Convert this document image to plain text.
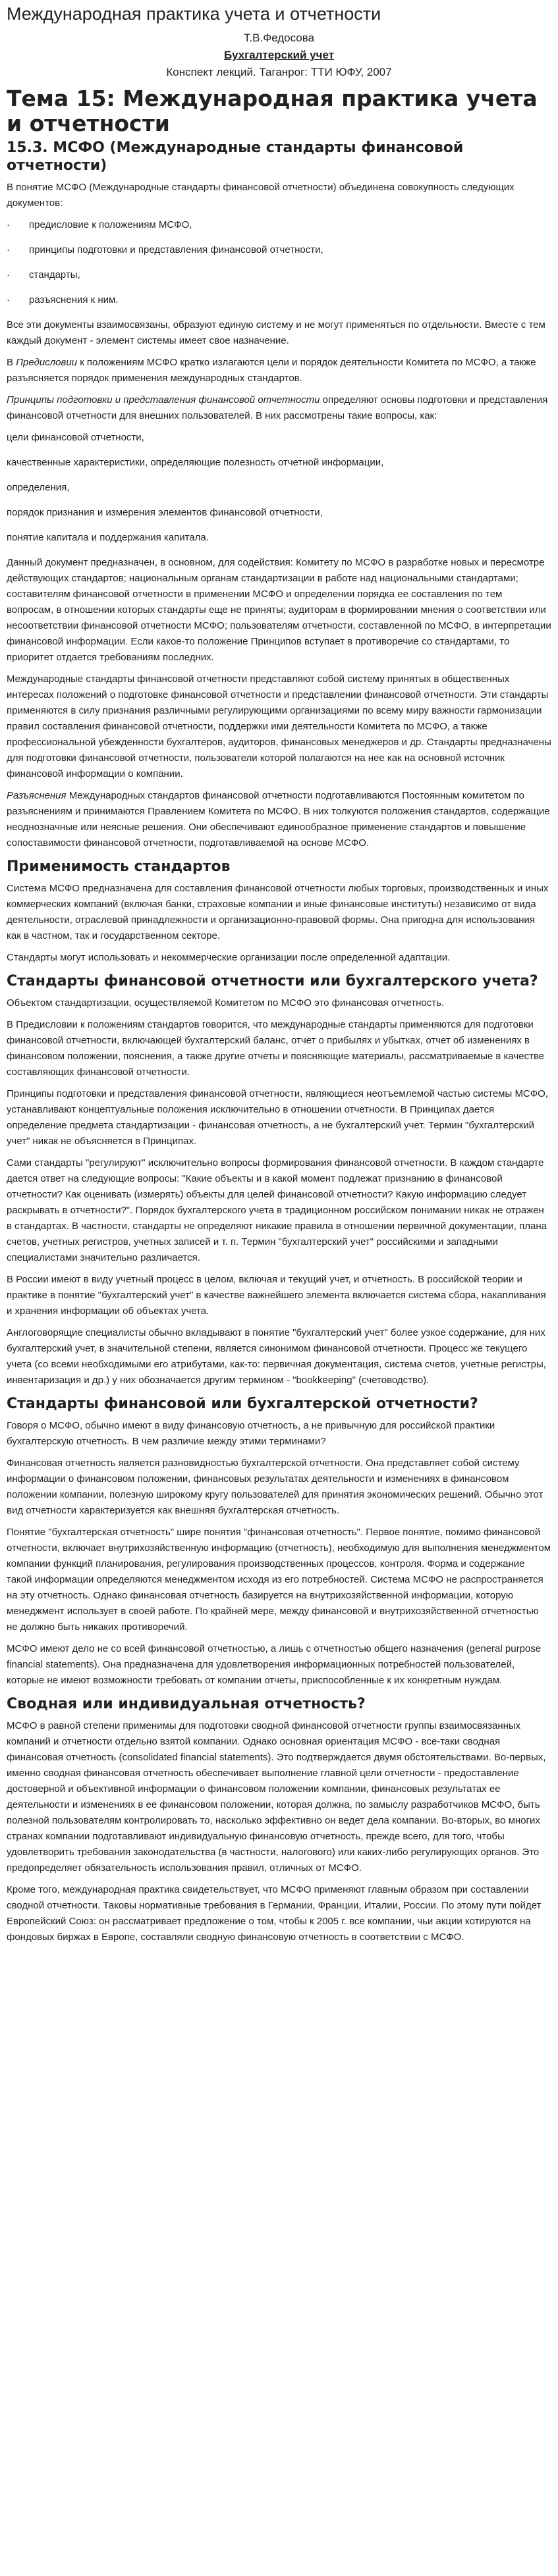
Международная практика учета и отчетности
Т.В.Федосова
Бухгалтерский учет
Конспект лекций. Таганрог: ТТИ ЮФУ, 2007
Тема 15: Международная практика учета и отчетности
15.3. МСФО (Международные стандарты финансовой отчетности)

В понятие МСФО (Международные стандарты финансовой отчетности) объединена совокупность следующих документов:

·	предисловие к положениям МСФО,
·	принципы подготовки и представления финансовой отчетности,
·	стандарты,
·	разъяснения к ним.

Все эти документы взаимосвязаны, образуют единую систему и не могут применяться по отдельности. Вместе с тем каждый документ - элемент системы имеет свое назначение.

В Предисловии к положениям МСФО кратко излагаются цели и порядок деятельности Комитета по МСФО, а также разъясняется порядок применения международных стандартов.

Принципы подготовки и представления финансовой отчетности определяют основы подготовки и представления финансовой отчетности для внешних пользователей. В них рассмотрены такие вопросы, как:

цели финансовой отчетности,

качественные характеристики, определяющие полезность отчетной информации,

определения,

порядок признания и измерения элементов финансовой отчетности,

понятие капитала и поддержания капитала.

Данный документ предназначен, в основном, для содействия: Комитету по МСФО в разработке новых и пересмотре действующих стандартов; национальным органам стандартизации в работе над национальными стандартами; составителям финансовой отчетности в применении МСФО и определении порядка ее составления по тем вопросам, в отношении которых стандарты еще не приняты; аудиторам в формировании мнения о соответствии или несоответствии финансовой отчетности МСФО; пользователям отчетности, составленной по МСФО, в интерпретации финансовой информации. Если какое-то положение Принципов вступает в противоречие со стандартами, то приоритет отдается требованиям последних.

Международные стандарты финансовой отчетности представляют собой систему принятых в общественных интересах положений о подготовке финансовой отчетности и представлении финансовой отчетности. Эти стандарты применяются в силу признания различными регулирующими организациями по всему миру важности гармонизации правил составления финансовой отчетности, поддержки ими деятельности Комитета по МСФО, а также профессиональной убежденности бухгалтеров, аудиторов, финансовых менеджеров и др. Стандарты предназначены для подготовки финансовой отчетности, пользователи которой полагаются на нее как на основной источник финансовой информации о компании.

Разъяснения Международных стандартов финансовой отчетности подготавливаются Постоянным комитетом по разъяснениям и принимаются Правлением Комитета по МСФО. В них толкуются положения стандартов, содержащие неоднозначные или неясные решения. Они обеспечивают единообразное применение стандартов и повышение сопоставимости финансовой отчетности, подготавливаемой на основе МСФО.

Применимость стандартов

Система МСФО предназначена для составления финансовой отчетности любых торговых, производственных и иных коммерческих компаний (включая банки, страховые компании и иные финансовые институты) независимо от вида деятельности, отраслевой принадлежности и организационно-правовой формы. Она пригодна для использования как в частном, так и государственном секторе.

Стандарты могут использовать и некоммерческие организации после определенной адаптации.

Стандарты финансовой отчетности или бухгалтерского учета?

Объектом стандартизации, осуществляемой Комитетом по МСФО это финансовая отчетность.

В Предисловии к положениям стандартов говорится, что международные стандарты применяются для подготовки финансовой отчетности, включающей бухгалтерский баланс, отчет о прибылях и убытках, отчет об изменениях в финансовом положении, пояснения, а также другие отчеты и поясняющие материалы, рассматриваемые в качестве составляющих финансовой отчетности.

Принципы подготовки и представления финансовой отчетности, являющиеся неотъемлемой частью системы МСФО, устанавливают концептуальные положения исключительно в отношении отчетности. В Принципах дается определение предмета стандартизации - финансовая отчетность, а не бухгалтерский учет. Термин "бухгалтерский учет" никак не объясняется в Принципах.

Сами стандарты "регулируют" исключительно вопросы формирования финансовой отчетности. В каждом стандарте дается ответ на следующие вопросы: "Какие объекты и в какой момент подлежат признанию в финансовой отчетности? Как оценивать (измерять) объекты для целей финансовой отчетности? Какую информацию следует раскрывать в отчетности?". Порядок бухгалтерского учета в традиционном российском понимании никак не отражен в стандартах. В частности, стандарты не определяют никакие правила в отношении первичной документации, плана счетов, учетных регистров, учетных записей и т. п. Термин "бухгалтерский учет" российскими и западными специалистами значительно различается.

В России имеют в виду учетный процесс в целом, включая и текущий учет, и отчетность. В российской теории и практике в понятие "бухгалтерский учет" в качестве важнейшего элемента включается система сбора, накапливания и хранения информации об объектах учета.

Англоговорящие специалисты обычно вкладывают в понятие "бухгалтерский учет" более узкое содержание, для них бухгалтерский учет, в значительной степени, является синонимом финансовой отчетности. Процесс же текущего учета (со всеми необходимыми его атрибутами, как-то: первичная документация, система счетов, учетные регистры, инвентаризация и др.) у них обозначается другим термином - "bookkeeping" (счетоводство).

Стандарты финансовой или бухгалтерской отчетности?

Говоря о МСФО, обычно имеют в виду финансовую отчетность, а не привычную для российской практики бухгалтерскую отчетность. В чем различие между этими терминами?

Финансовая отчетность является разновидностью бухгалтерской отчетности. Она представляет собой систему информации о финансовом положении, финансовых результатах деятельности и изменениях в финансовом положении компании, полезную широкому кругу пользователей для принятия экономических решений. Обычно этот вид отчетности характеризуется как внешняя бухгалтерская отчетность.

Понятие "бухгалтерская отчетность" шире понятия "финансовая отчетность". Первое понятие, помимо финансовой отчетности, включает внутрихозяйственную информацию (отчетность), необходимую для выполнения менеджментом компании функций планирования, регулирования производственных процессов, контроля. Форма и содержание такой информации определяются менеджментом исходя из его потребностей. Система МСФО не распространяется на эту отчетность. Однако финансовая отчетность базируется на внутрихозяйственной информации, которую менеджмент использует в своей работе. По крайней мере, между финансовой и внутрихозяйственной отчетностью не должно быть никаких противоречий.

МСФО имеют дело не со всей финансовой отчетностью, а лишь с отчетностью общего назначения (general purpose financial statements). Она предназначена для удовлетворения информационных потребностей пользователей, которые не имеют возможности требовать от компании отчеты, приспособленные к их конкретным нуждам.

Сводная или индивидуальная отчетность?

МСФО в равной степени применимы для подготовки сводной финансовой отчетности группы взаимосвязанных компаний и отчетности отдельно взятой компании. Однако основная ориентация МСФО - все-таки сводная финансовая отчетность (consolidated financial statements). Это подтверждается двумя обстоятельствами. Во-первых, именно сводная финансовая отчетность обеспечивает выполнение главной цели отчетности - предоставление достоверной и объективной информации о финансовом положении компании, финансовых результатах ее деятельности и изменениях в ее финансовом положении, которая должна, по замыслу разработчиков МСФО, быть полезной пользователям контролировать то, насколько эффективно он ведет дела компании. Во-вторых, во многих странах компании подготавливают индивидуальную финансовую отчетность, прежде всего, для того, чтобы удовлетворить требования законодательства (в частности, налогового) или каких-либо регулирующих органов. Это предопределяет обязательность использования правил, отличных от МСФО.

Кроме того, международная практика свидетельствует, что МСФО применяют главным образом при составлении сводной отчетности. Таковы нормативные требования в Германии, Франции, Италии, России. По этому пути пойдет Европейский Союз: он рассматривает предложение о том, чтобы к 2005 г. все компании, чьи акции котируются на фондовых биржах в Европе, составляли сводную финансовую отчетность в соответствии с МСФО.
